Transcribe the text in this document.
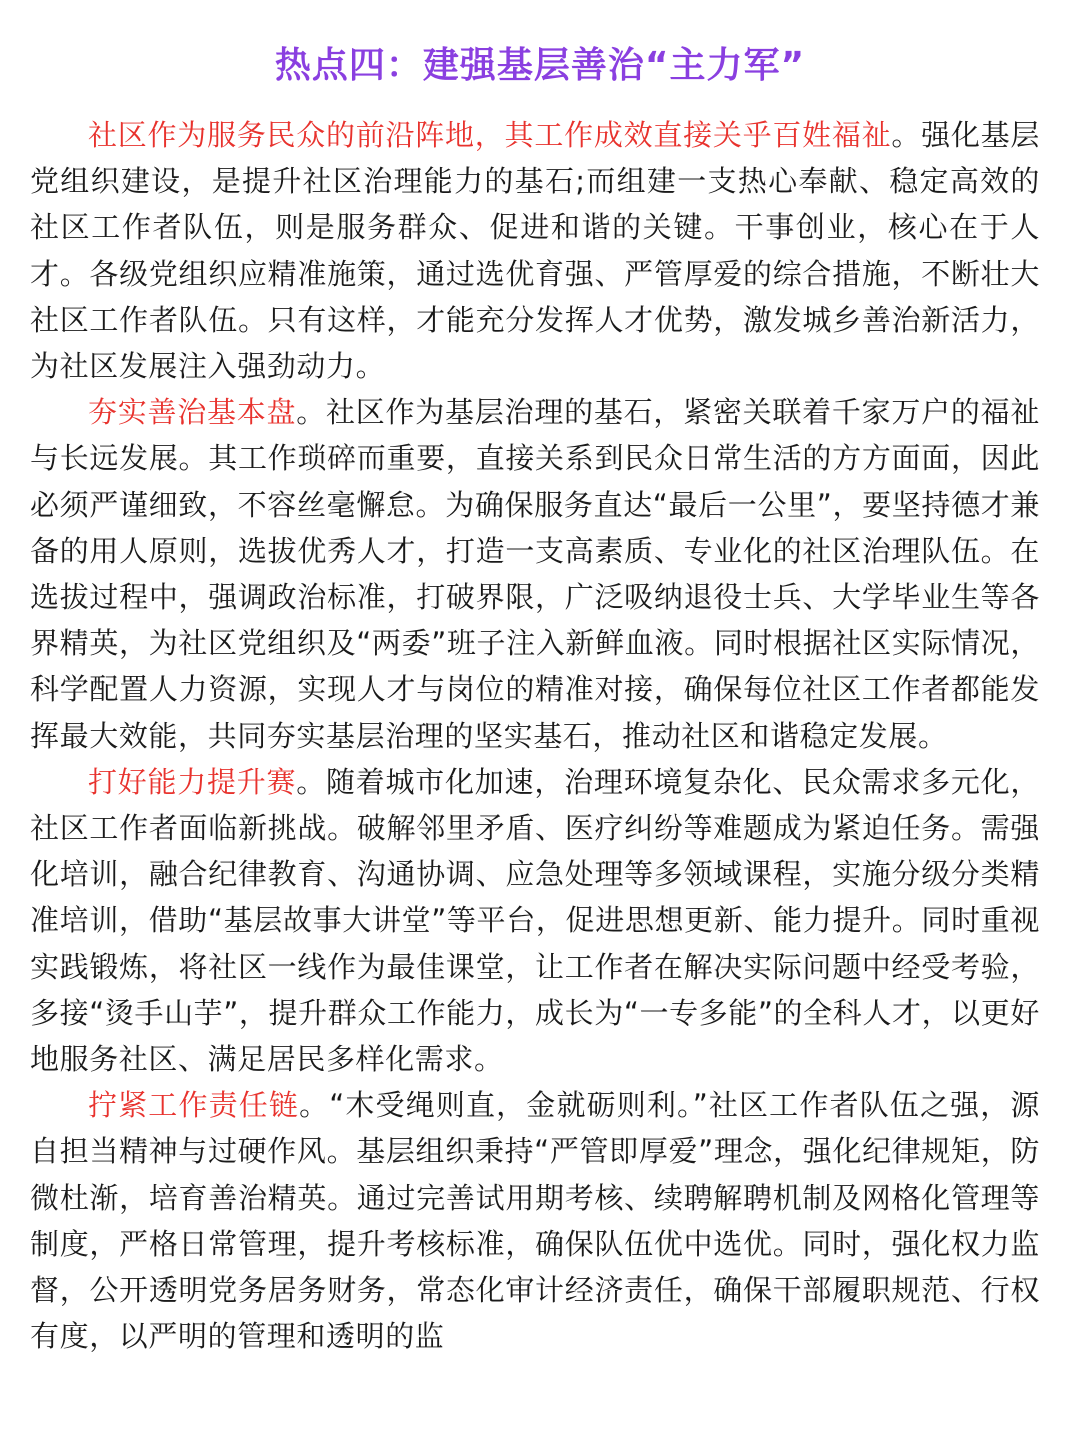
热点四：建强基层善治“主力军”

社区作为服务民众的前沿阵地，其工作成效直接关乎百姓福祉。强化基层党组织建设，是提升社区治理能力的基石;而组建一支热心奉献、稳定高效的社区工作者队伍，则是服务群众、促进和谐的关键。干事创业，核心在于人才。各级党组织应精准施策，通过选优育强、严管厚爱的综合措施，不断壮大社区工作者队伍。只有这样，才能充分发挥人才优势，激发城乡善治新活力，为社区发展注入强劲动力。

夯实善治基本盘。社区作为基层治理的基石，紧密关联着千家万户的福祉与长远发展。其工作琐碎而重要，直接关系到民众日常生活的方方面面，因此必须严谨细致，不容丝毫懈怠。为确保服务直达“最后一公里”，要坚持德才兼备的用人原则，选拔优秀人才，打造一支高素质、专业化的社区治理队伍。在选拔过程中，强调政治标准，打破界限，广泛吸纳退役士兵、大学毕业生等各界精英，为社区党组织及“两委”班子注入新鲜血液。同时根据社区实际情况，科学配置人力资源，实现人才与岗位的精准对接，确保每位社区工作者都能发挥最大效能，共同夯实基层治理的坚实基石，推动社区和谐稳定发展。

打好能力提升赛。随着城市化加速，治理环境复杂化、民众需求多元化，社区工作者面临新挑战。破解邻里矛盾、医疗纠纷等难题成为紧迫任务。需强化培训，融合纪律教育、沟通协调、应急处理等多领域课程，实施分级分类精准培训，借助“基层故事大讲堂”等平台，促进思想更新、能力提升。同时重视实践锻炼，将社区一线作为最佳课堂，让工作者在解决实际问题中经受考验，多接“烫手山芋”，提升群众工作能力，成长为“一专多能”的全科人才，以更好地服务社区、满足居民多样化需求。

拧紧工作责任链。“木受绳则直，金就砺则利。”社区工作者队伍之强，源自担当精神与过硬作风。基层组织秉持“严管即厚爱”理念，强化纪律规矩，防微杜渐，培育善治精英。通过完善试用期考核、续聘解聘机制及网格化管理等制度，严格日常管理，提升考核标准，确保队伍优中选优。同时，强化权力监督，公开透明党务居务财务，常态化审计经济责任，确保干部履职规范、行权有度，以严明的管理和透明的监
